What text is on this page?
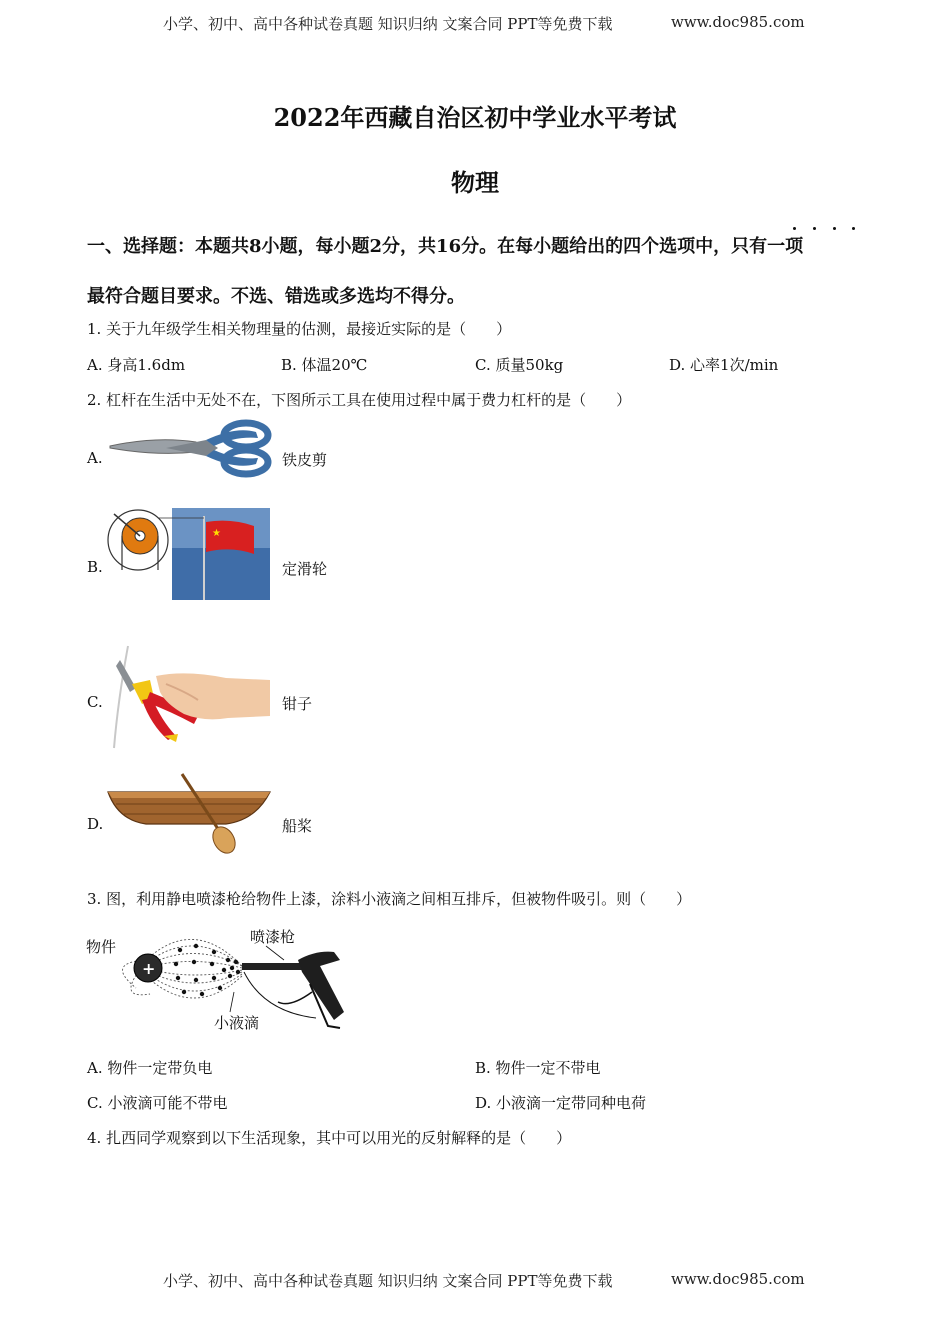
小学、初中、高中各种试卷真题 知识归纳 文案合同 PPT等免费下载	www.doc985.com
2022年西藏自治区初中学业水平考试
物理
一、选择题：本题共8小题，每小题2分，共16分。在每小题给出的四个选项中，只有一项
最符合题目要求。不选、错选或多选均不得分。
1. 关于九年级学生相关物理量的估测，最接近实际的是（　　）
A. 身高1.6dm	B. 体温20℃	C. 质量50kg	D. 心率1次/min
2. 杠杆在生活中无处不在，下图所示工具在使用过程中属于费力杠杆的是（　　）
A.	铁皮剪
B.
★
定滑轮
C.	钳子
D.	船桨
3. 图，利用静电喷漆枪给物件上漆，涂料小液滴之间相互排斥，但被物件吸引。则（　　）
物件
喷漆枪
小液滴
+
A. 物件一定带负电	B. 物件一定不带电
C. 小液滴可能不带电	D. 小液滴一定带同种电荷
4. 扎西同学观察到以下生活现象，其中可以用光的反射解释的是（　　）
小学、初中、高中各种试卷真题 知识归纳 文案合同 PPT等免费下载	www.doc985.com
